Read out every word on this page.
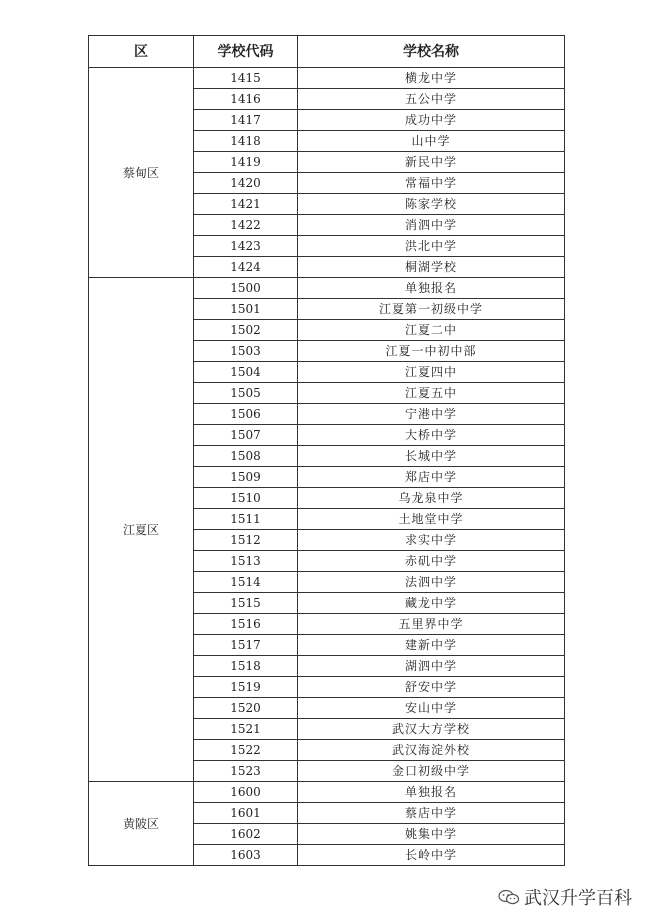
区	学校代码	学校名称
蔡甸区	1415	横龙中学
	1416	五公中学
	1417	成功中学
	1418	山中学
	1419	新民中学
	1420	常福中学
	1421	陈家学校
	1422	消泗中学
	1423	洪北中学
	1424	桐湖学校
江夏区	1500	单独报名
	1501	江夏第一初级中学
	1502	江夏二中
	1503	江夏一中初中部
	1504	江夏四中
	1505	江夏五中
	1506	宁港中学
	1507	大桥中学
	1508	长城中学
	1509	郑店中学
	1510	乌龙泉中学
	1511	土地堂中学
	1512	求实中学
	1513	赤矶中学
	1514	法泗中学
	1515	藏龙中学
	1516	五里界中学
	1517	建新中学
	1518	湖泗中学
	1519	舒安中学
	1520	安山中学
	1521	武汉大方学校
	1522	武汉海淀外校
	1523	金口初级中学
黄陂区	1600	单独报名
	1601	蔡店中学
	1602	姚集中学
	1603	长岭中学
武汉升学百科
